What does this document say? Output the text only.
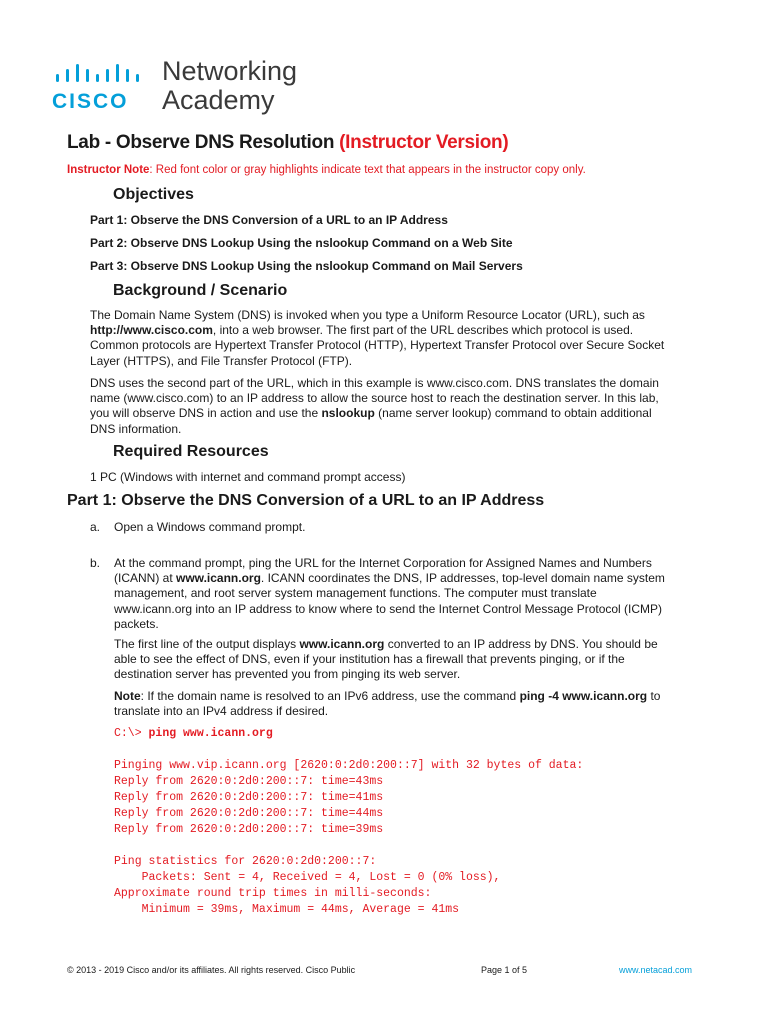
CISCO
Networking
Academy
Lab - Observe DNS Resolution (Instructor Version)
Instructor Note: Red font color or gray highlights indicate text that appears in the instructor copy only.
Objectives
Part 1: Observe the DNS Conversion of a URL to an IP Address
Part 2: Observe DNS Lookup Using the nslookup Command on a Web Site
Part 3: Observe DNS Lookup Using the nslookup Command on Mail Servers
Background / Scenario
The Domain Name System (DNS) is invoked when you type a Uniform Resource Locator (URL), such as
http://www.cisco.com, into a web browser. The first part of the URL describes which protocol is used.
Common protocols are Hypertext Transfer Protocol (HTTP), Hypertext Transfer Protocol over Secure Socket
Layer (HTTPS), and File Transfer Protocol (FTP).
DNS uses the second part of the URL, which in this example is www.cisco.com. DNS translates the domain
name (www.cisco.com) to an IP address to allow the source host to reach the destination server. In this lab,
you will observe DNS in action and use the nslookup (name server lookup) command to obtain additional
DNS information.
Required Resources
1 PC (Windows with internet and command prompt access)
Part 1: Observe the DNS Conversion of a URL to an IP Address
a. Open a Windows command prompt.
b. At the command prompt, ping the URL for the Internet Corporation for Assigned Names and Numbers
(ICANN) at www.icann.org. ICANN coordinates the DNS, IP addresses, top-level domain name system
management, and root server system management functions. The computer must translate
www.icann.org into an IP address to know where to send the Internet Control Message Protocol (ICMP)
packets.
The first line of the output displays www.icann.org converted to an IP address by DNS. You should be
able to see the effect of DNS, even if your institution has a firewall that prevents pinging, or if the
destination server has prevented you from pinging its web server.
Note: If the domain name is resolved to an IPv6 address, use the command ping -4 www.icann.org to
translate into an IPv4 address if desired.
C:\> ping www.icann.org
Pinging www.vip.icann.org [2620:0:2d0:200::7] with 32 bytes of data:
Reply from 2620:0:2d0:200::7: time=43ms
Reply from 2620:0:2d0:200::7: time=41ms
Reply from 2620:0:2d0:200::7: time=44ms
Reply from 2620:0:2d0:200::7: time=39ms
Ping statistics for 2620:0:2d0:200::7:
Packets: Sent = 4, Received = 4, Lost = 0 (0% loss),
Approximate round trip times in milli-seconds:
Minimum = 39ms, Maximum = 44ms, Average = 41ms
© 2013 - 2019 Cisco and/or its affiliates. All rights reserved. Cisco Public	Page 1 of 5	www.netacad.com
